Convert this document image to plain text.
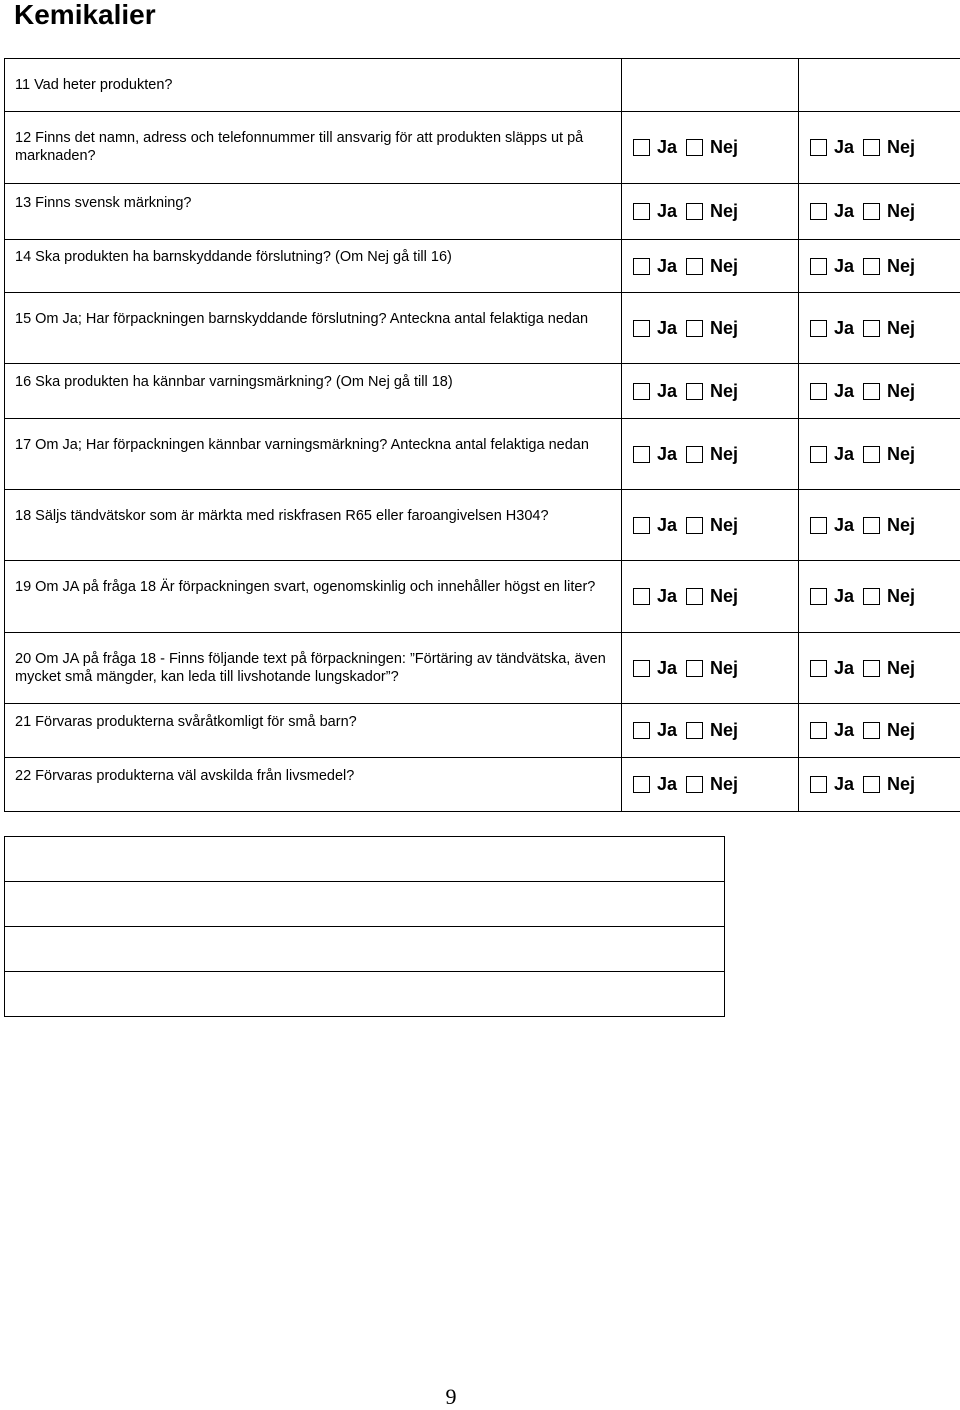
Kemikalier
11 Vad heter produkten?		

12 Finns det namn, adress och telefonnummer till ansvarig för att produkten släpps ut på marknaden?	Ja Nej	Ja Nej

13 Finns svensk märkning?	Ja Nej	Ja Nej

14 Ska produkten ha barnskyddande förslutning? (Om Nej gå till 16)	Ja Nej	Ja Nej

15 Om Ja; Har förpackningen barnskyddande förslutning? Anteckna antal felaktiga nedan	Ja Nej	Ja Nej

16 Ska produkten ha kännbar varningsmärkning? (Om Nej gå till 18)	Ja Nej	Ja Nej

17 Om Ja; Har förpackningen kännbar varningsmärkning? Anteckna antal felaktiga nedan	Ja Nej	Ja Nej

18 Säljs tändvätskor som är märkta med riskfrasen R65 eller faroangivelsen H304?	Ja Nej	Ja Nej

19 Om JA på fråga 18 Är förpackningen svart, ogenomskinlig och innehåller högst en liter?	Ja Nej	Ja Nej

20 Om JA på fråga 18 - Finns följande text på förpackningen: ”Förtäring av tändvätska, även mycket små mängder, kan leda till livshotande lungskador”?	Ja Nej	Ja Nej

21 Förvaras produkterna svåråtkomligt för små barn?	Ja Nej	Ja Nej

22 Förvaras produkterna väl avskilda från livsmedel?	Ja Nej	Ja Nej

9
